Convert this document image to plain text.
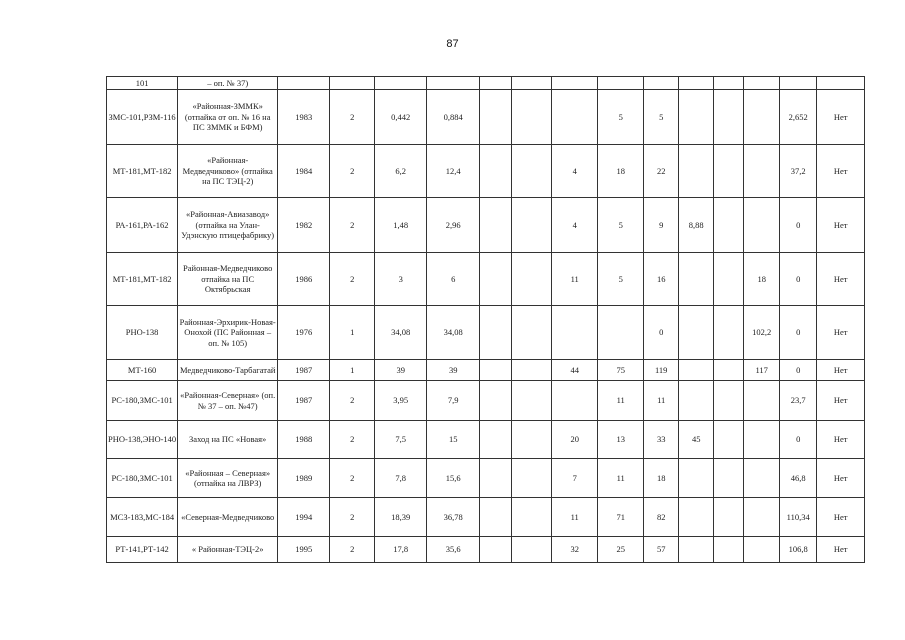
87
101	– оп. № 37)														
ЗМС-101,РЗМ-116	«Районная-ЗММК» (отпайка от оп. № 16 на ПС ЗММК и БФМ)	1983	2	0,442	0,884				5	5				2,652	Нет
МТ-181,МТ-182	«Районная-Медведчиково» (отпайка на ПС ТЭЦ-2)	1984	2	6,2	12,4			4	18	22				37,2	Нет
РА-161,РА-162	«Районная-Авиазавод» (отпайка на Улан-Удэнскую птицефабрику)	1982	2	1,48	2,96			4	5	9	8,88			0	Нет
МТ-181,МТ-182	Районная-Медведчиково отпайка на ПС Октябрьская	1986	2	3	6			11	5	16			18	0	Нет
РНО-138	Районная-Эрхирик-Новая-Онохой (ПС Районная – оп. № 105)	1976	1	34,08	34,08					0			102,2	0	Нет
МТ-160	Медведчиково-Тарбагатай	1987	1	39	39			44	75	119			117	0	Нет
РС-180,ЗМС-101	«Районная-Северная» (оп. № 37 – оп. №47)	1987	2	3,95	7,9				11	11				23,7	Нет
РНО-138,ЭНО-140	Заход на ПС «Новая»	1988	2	7,5	15			20	13	33	45			0	Нет
РС-180,ЗМС-101	«Районная – Северная» (отпайка на ЛВРЗ)	1989	2	7,8	15,6			7	11	18				46,8	Нет
МСЗ-183,МС-184	«Северная-Медведчиково	1994	2	18,39	36,78			11	71	82				110,34	Нет
РТ-141,РТ-142	« Районная-ТЭЦ-2»	1995	2	17,8	35,6			32	25	57				106,8	Нет
